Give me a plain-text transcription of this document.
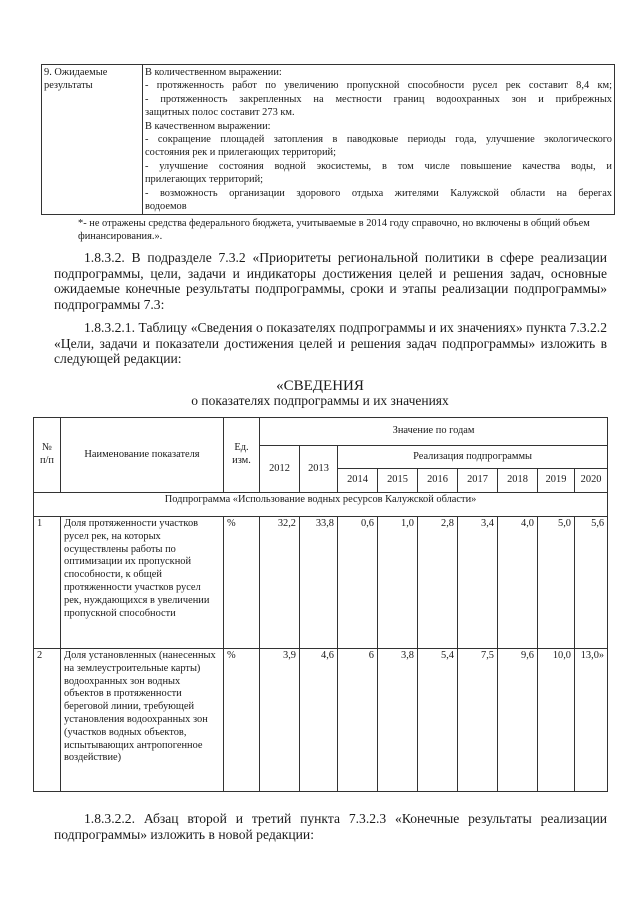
9. Ожидаемые результаты	
В количественном выражении:
- протяженность работ по увеличению пропускной способности русел рек составит 8,4 км;
- протяженность закрепленных на местности границ водоохранных зон и прибрежных
защитных полос составит 273 км.
В качественном выражении:
- сокращение площадей затопления в паводковые периоды года, улучшение экологического
состояния рек и прилегающих территорий;
- улучшение состояния водной экосистемы, в том числе повышение качества воды, и
прилегающих территорий;
- возможность организации здорового отдыха жителями Калужской области на берегах
водоемов
*- не отражены средства федерального бюджета, учитываемые в 2014 году справочно, но включены в общий объем финансирования.».
1.8.3.2. В подразделе 7.3.2 «Приоритеты региональной политики в сфере реализации подпрограммы, цели, задачи и индикаторы достижения целей и решения задач, основные ожидаемые конечные результаты подпрограммы, сроки и этапы реализации подпрограммы» подпрограммы 7.3:
1.8.3.2.1. Таблицу «Сведения о показателях подпрограммы и их значениях» пункта 7.3.2.2 «Цели, задачи и показатели достижения целей и решения задач подпрограммы» изложить в следующей редакции:
«СВЕДЕНИЯ
о показателях подпрограммы и их значениях
№ п/п	Наименование показателя	Ед. изм.	Значение по годам								
			2012	2013	Реализация подпрограммы						
					2014	2015	2016	2017	2018	2019	2020
Подпрограмма «Использование водных ресурсов Калужской области»											
1	Доля протяженности участков русел рек, на которых осуществлены работы по оптимизации их пропускной способности, к общей протяженности участков русел рек, нуждающихся в увеличении пропускной способности	%	32,2	33,8	0,6	1,0	2,8	3,4	4,0	5,0	5,6
2	Доля установленных (нанесенных на землеустроительные карты) водоохранных зон водных объектов в протяженности береговой линии, требующей установления водоохранных зон (участков водных объектов, испытывающих антропогенное воздействие)	%	3,9	4,6	6	3,8	5,4	7,5	9,6	10,0	13,0»
1.8.3.2.2. Абзац второй и третий пункта 7.3.2.3 «Конечные результаты реализации подпрограммы» изложить в новой редакции:
